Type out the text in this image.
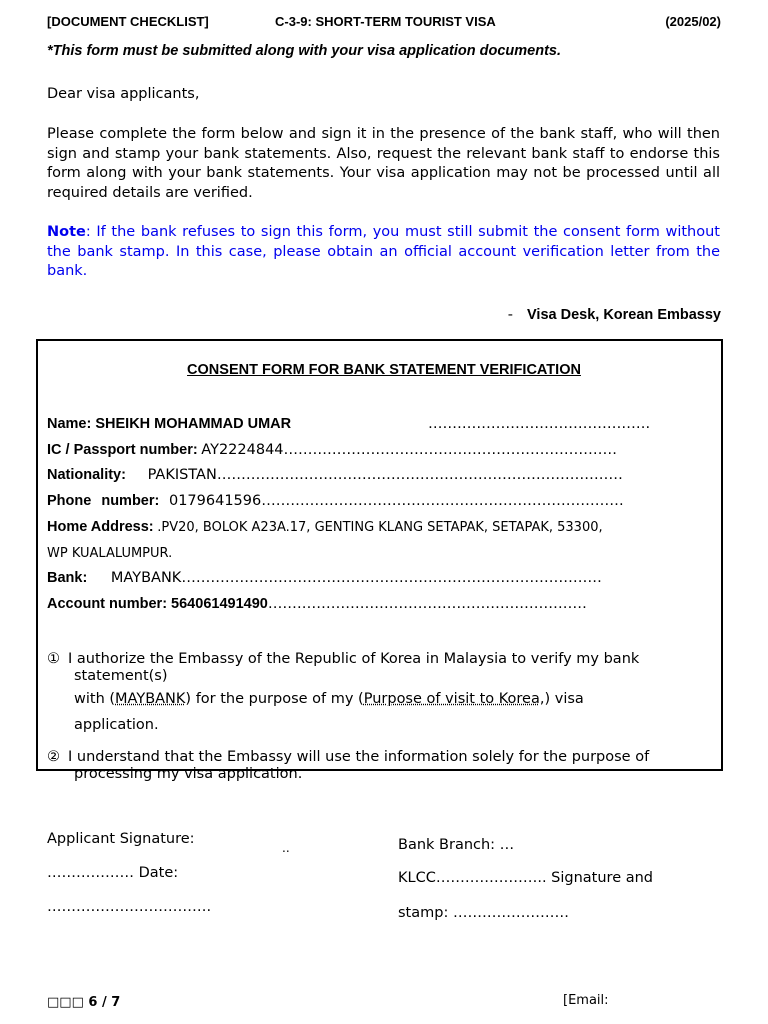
[DOCUMENT CHECKLIST]	C-3-9: SHORT-TERM TOURIST VISA	(2025/02)
*This form must be submitted along with your visa application documents.
Dear visa applicants,
Please complete the form below and sign it in the presence of the bank staff, who will then sign and stamp your bank statements. Also, request the relevant bank staff to endorse this form along with your bank statements. Your visa application may not be processed until all required details are verified.
Note: If the bank refuses to sign this form, you must still submit the consent form without the bank stamp. In this case, please obtain an official account verification letter from the bank.
- Visa Desk, Korean Embassy
CONSENT FORM FOR BANK STATEMENT VERIFICATION
Name: SHEIKH MOHAMMAD UMAR	……………………………………….
IC / Passport number: AY2224844……………………………………………………………
Nationality: PAKISTAN…………………………………………………………………………
Phone number: 0179641596…………………………………………………………………
Home Address: .PV20, BOLOK A23A.17, GENTING KLANG SETAPAK, SETAPAK, 53300,
WP KUALALUMPUR.
Bank: MAYBANK……………………………………………………………………………
Account number: 564061491490…………………………………………………………
① I authorize the Embassy of the Republic of Korea in Malaysia to verify my bank
statement(s)
with (MAYBANK) for the purpose of my (Purpose of visit to Korea,) visa
application.
② I understand that the Embassy will use the information solely for the purpose of
processing my visa application.
Applicant Signature:
..
……………… Date:
…………………………….
Bank Branch: …
KLCC………………….. Signature and
stamp: ……………………
□□□ 6 / 7	[Email:
